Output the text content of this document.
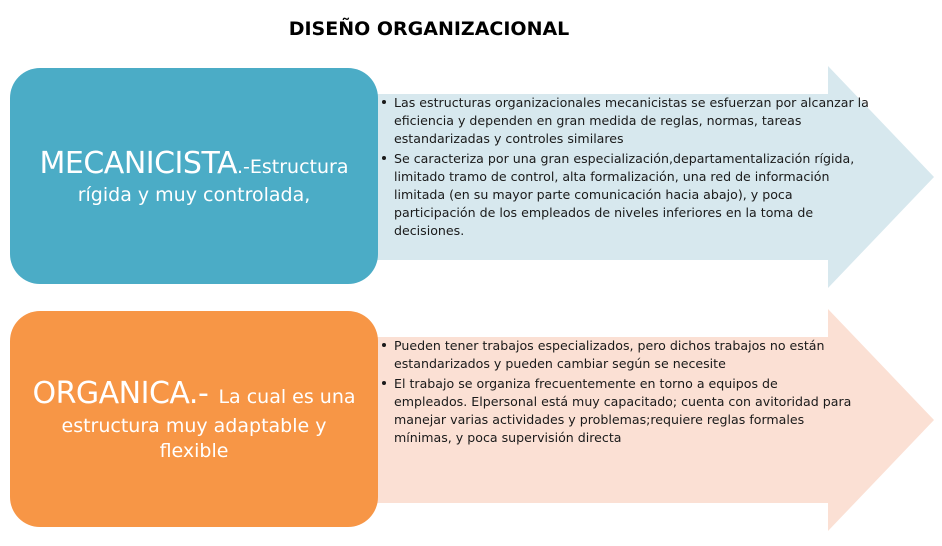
DISEÑO ORGANIZACIONAL
MECANICISTA.-Estructura rígida y muy controlada,
Las estructuras organizacionales mecanicistas se esfuerzan por alcanzar la eficiencia y dependen en gran medida de reglas, normas, tareas estandarizadas y controles similares
Se caracteriza por una gran especialización,departamentalización rígida, limitado tramo de control, alta formalización, una red de información limitada (en su mayor parte comunicación hacia abajo), y poca participación de los empleados de niveles inferiores en la toma de decisiones.
ORGANICA.- La cual es una estructura muy adaptable y flexible
Pueden tener trabajos especializados, pero dichos trabajos no están estandarizados y pueden cambiar según se necesite
El trabajo se organiza frecuentemente en torno a equipos de empleados. Elpersonal está muy capacitado; cuenta con avitoridad para manejar varias actividades y problemas;requiere reglas formales mínimas, y poca supervisión directa
